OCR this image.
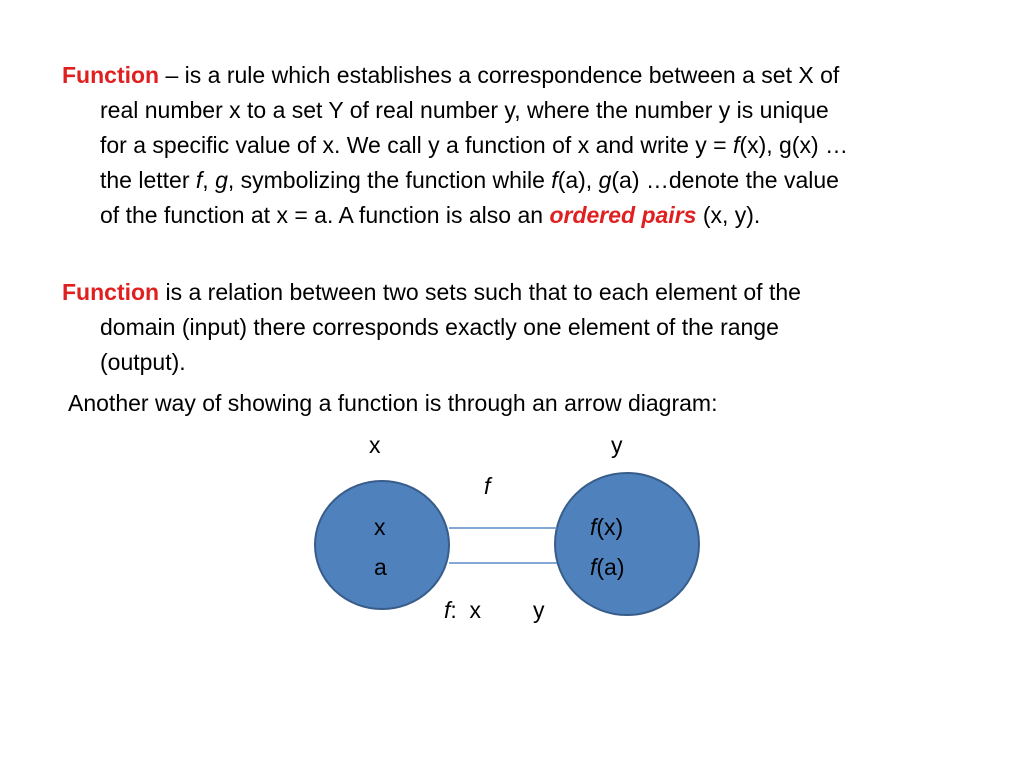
Function – is a rule which establishes a correspondence between a set X of
real number x to a set Y of real number y, where the number y is unique
for a specific value of x. We call y a function of x and write y = f(x), g(x) …
the letter f, g, symbolizing the function while f(a), g(a) …denote the value
of the function at x = a. A function is also an ordered pairs (x, y).
Function is a relation between two sets such that to each element of the
domain (input) there corresponds exactly one element of the range
(output).
Another way of showing a function is through an arrow diagram:
x	y
f
x
a
f(x)
f(a)
f:  x y
